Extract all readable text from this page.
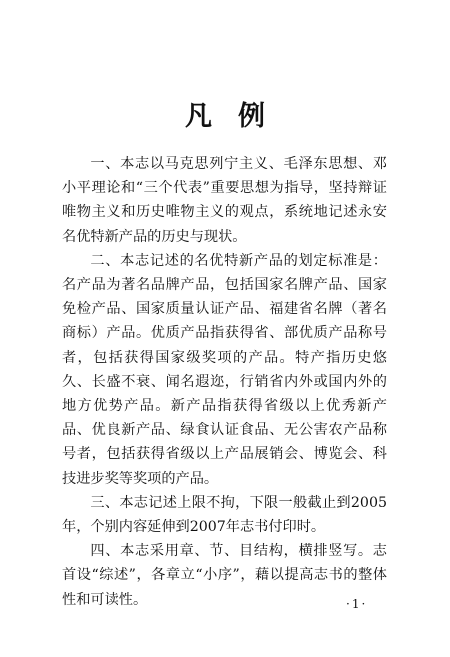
凡例

一、本志以马克思列宁主义、毛泽东思想、邓小平理论和“三个代表”重要思想为指导，坚持辩证唯物主义和历史唯物主义的观点，系统地记述永安名优特新产品的历史与现状。

二、本志记述的名优特新产品的划定标准是：名产品为著名品牌产品，包括国家名牌产品、国家免检产品、国家质量认证产品、福建省名牌（著名商标）产品。优质产品指获得省、部优质产品称号者，包括获得国家级奖项的产品。特产指历史悠久、长盛不衰、闻名遐迩，行销省内外或国内外的地方优势产品。新产品指获得省级以上优秀新产品、优良新产品、绿食认证食品、无公害农产品称号者，包括获得省级以上产品展销会、博览会、科技进步奖等奖项的产品。

三、本志记述上限不拘，下限一般截止到2005年，个别内容延伸到2007年志书付印时。

四、本志采用章、节、目结构，横排竖写。志首设“综述”，各章立“小序”，藉以提高志书的整体性和可读性。	·1·
